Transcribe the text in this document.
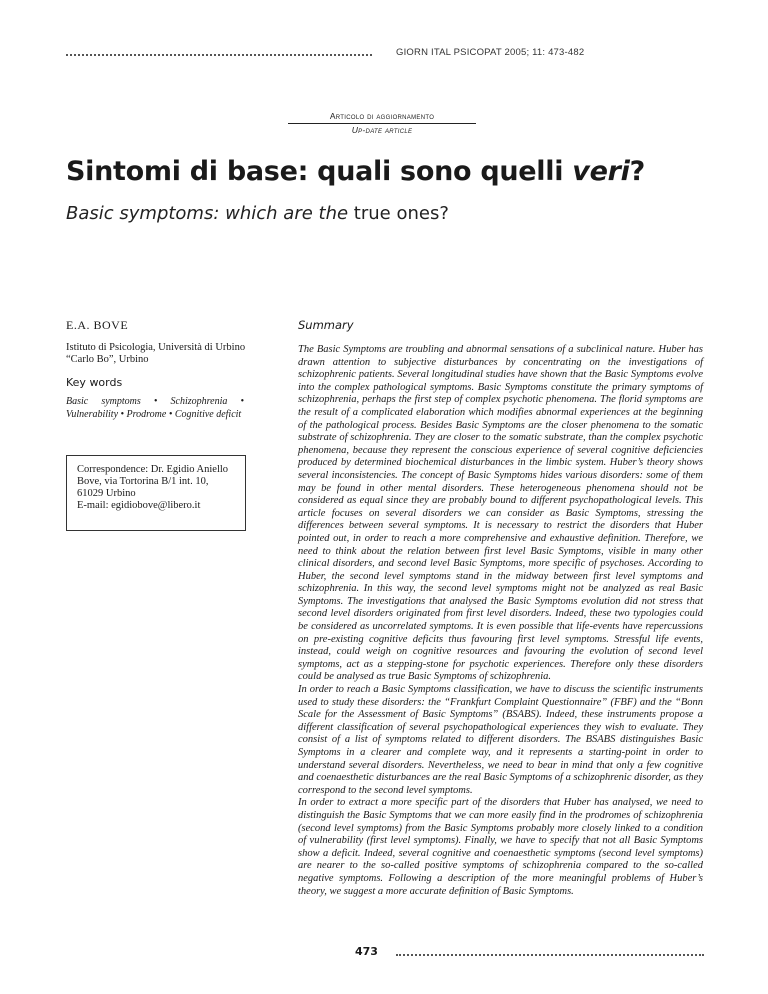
GIORN ITAL PSICOPAT 2005; 11: 473-482
Articolo di aggiornamento
Up-date article
Sintomi di base: quali sono quelli veri?
Basic symptoms: which are the true ones?
E.A. BOVE
Istituto di Psicologia, Università di Urbino “Carlo Bo”, Urbino
Key words
Basic symptoms • Schizophrenia • Vulnerability • Prodrome • Cognitive deficit
Correspondence: Dr. Egidio Aniello Bove, via Tortorina B/1 int. 10,
61029 Urbino
E-mail: egidiobove@libero.it
Summary

The Basic Symptoms are troubling and abnormal sensations of a subclinical nature. Huber has drawn attention to subjective disturbances by concentrating on the investigations of schizophrenic patients. Several longitudinal studies have shown that the Basic Symptoms evolve into the complex pathological symptoms. Basic Symptoms constitute the primary symptoms of schizophrenia, perhaps the first step of complex psychotic phenomena. The florid symptoms are the result of a complicated elaboration which modifies abnormal experiences at the beginning of the pathological process. Besides Basic Symptoms are the closer phenomena to the somatic substrate of schizophrenia. They are closer to the somatic substrate, than the complex psychotic phenomena, because they represent the conscious experience of several cognitive deficiencies produced by determined biochemical disturbances in the limbic system. Huber’s theory shows several inconsistencies. The concept of Basic Symptoms hides various disorders: some of them may be found in other mental disorders. These heterogeneous phenomena should not be considered as equal since they are probably bound to different psychopathological levels. This article focuses on several disorders we can consider as Basic Symptoms, stressing the differences between several symptoms. It is necessary to restrict the disorders that Huber pointed out, in order to reach a more comprehensive and exhaustive definition. Therefore, we need to think about the relation between first level Basic Symptoms, visible in many other clinical disorders, and second level Basic Symptoms, more specific of psychoses. According to Huber, the second level symptoms stand in the midway between first level symptoms and schizophrenia. In this way, the second level symptoms might not be analyzed as real Basic Symptoms. The investigations that analysed the Basic Symptoms evolution did not stress that second level disorders originated from first level disorders. Indeed, these two typologies could be considered as uncorrelated symptoms. It is even possible that life-events have repercussions on pre-existing cognitive deficits thus favouring first level symptoms. Stressful life events, instead, could weigh on cognitive resources and favouring the evolution of second level symptoms, act as a stepping-stone for psychotic experiences. Therefore only these disorders could be analysed as true Basic Symptoms of schizophrenia.

In order to reach a Basic Symptoms classification, we have to discuss the scientific instruments used to study these disorders: the “Frankfurt Complaint Questionnaire” (FBF) and the “Bonn Scale for the Assessment of Basic Symptoms” (BSABS). Indeed, these instruments propose a different classification of several psychopathological experiences they wish to evaluate. They consist of a list of symptoms related to different disorders. The BSABS distinguishes Basic Symptoms in a clearer and complete way, and it represents a starting-point in order to understand several disorders. Nevertheless, we need to bear in mind that only a few cognitive and coenaesthetic disturbances are the real Basic Symptoms of a schizophrenic disorder, as they correspond to the second level symptoms.

In order to extract a more specific part of the disorders that Huber has analysed, we need to distinguish the Basic Symptoms that we can more easily find in the prodromes of schizophrenia (second level symptoms) from the Basic Symptoms probably more closely linked to a condition of vulnerability (first level symptoms). Finally, we have to specify that not all Basic Symptoms show a deficit. Indeed, several cognitive and coenaesthetic symptoms (second level symptoms) are nearer to the so-called positive symptoms of schizophrenia compared to the so-called negative symptoms. Following a description of the more meaningful problems of Huber’s theory, we suggest a more accurate definition of Basic Symptoms.

473
